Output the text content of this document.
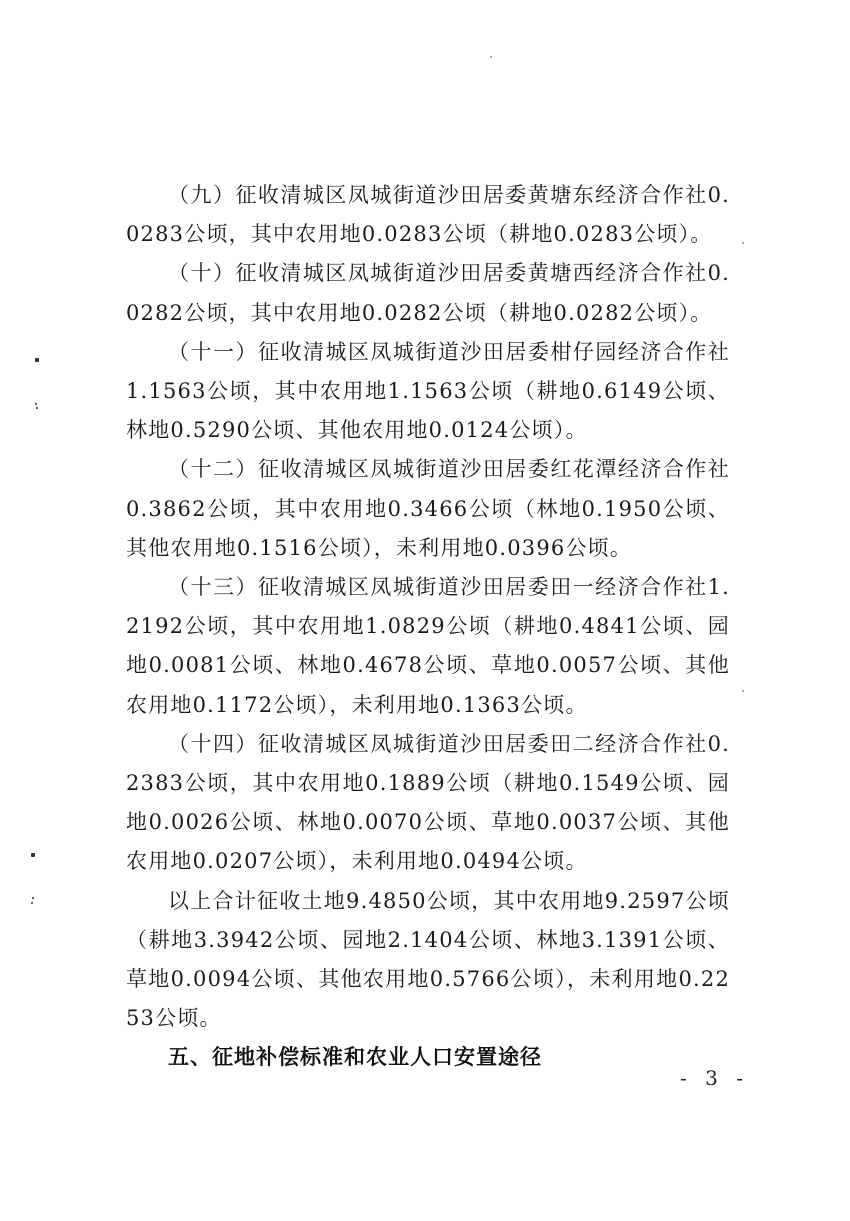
（九）征收清城区凤城街道沙田居委黄塘东经济合作社0.0283公顷，其中农用地0.0283公顷（耕地0.0283公顷）。

（十）征收清城区凤城街道沙田居委黄塘西经济合作社0.0282公顷，其中农用地0.0282公顷（耕地0.0282公顷）。

（十一）征收清城区凤城街道沙田居委柑仔园经济合作社1.1563公顷，其中农用地1.1563公顷（耕地0.6149公顷、林地0.5290公顷、其他农用地0.0124公顷）。

（十二）征收清城区凤城街道沙田居委红花潭经济合作社0.3862公顷，其中农用地0.3466公顷（林地0.1950公顷、其他农用地0.1516公顷），未利用地0.0396公顷。

（十三）征收清城区凤城街道沙田居委田一经济合作社1.2192公顷，其中农用地1.0829公顷（耕地0.4841公顷、园地0.0081公顷、林地0.4678公顷、草地0.0057公顷、其他农用地0.1172公顷），未利用地0.1363公顷。

（十四）征收清城区凤城街道沙田居委田二经济合作社0.2383公顷，其中农用地0.1889公顷（耕地0.1549公顷、园地0.0026公顷、林地0.0070公顷、草地0.0037公顷、其他农用地0.0207公顷），未利用地0.0494公顷。

以上合计征收土地9.4850公顷，其中农用地9.2597公顷（耕地3.3942公顷、园地2.1404公顷、林地3.1391公顷、草地0.0094公顷、其他农用地0.5766公顷），未利用地0.2253公顷。

五、征地补偿标准和农业人口安置途径
- 3 -
